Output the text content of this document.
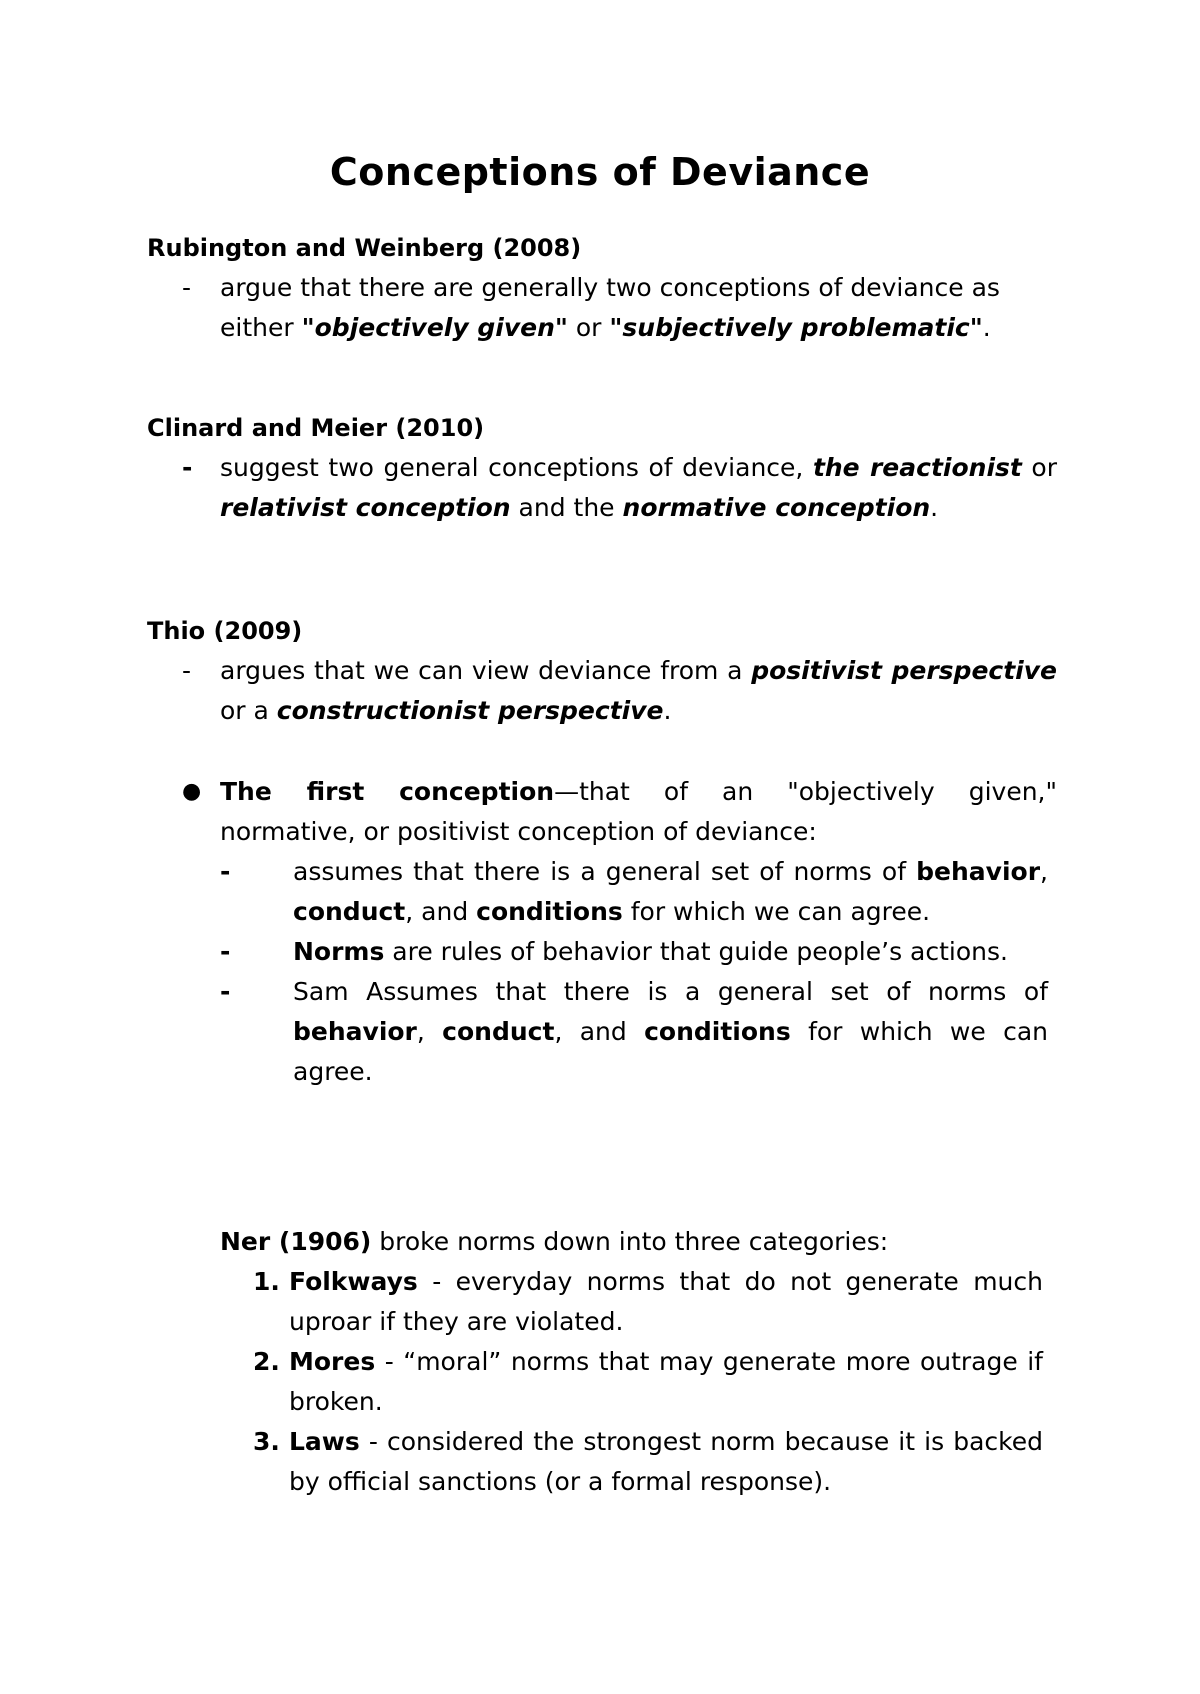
Conceptions of Deviance
Rubington and Weinberg (2008)
- argue that there are generally two conceptions of deviance as either "objectively given" or "subjectively problematic".
Clinard and Meier (2010)
- suggest two general conceptions of deviance, the reactionist or relativist conception and the normative conception.
Thio (2009)
- argues that we can view deviance from a positivist perspective or a constructionist perspective.
● The first conception—that of an "objectively given,"
normative, or positivist conception of deviance:
-	assumes that there is a general set of norms of behavior, conduct, and conditions for which we can agree.
-	Norms are rules of behavior that guide people’s actions.
-	Sam Assumes that there is a general set of norms of behavior, conduct, and conditions for which we can agree.
Ner (1906) broke norms down into three categories:
1. Folkways - everyday norms that do not generate much uproar if they are violated.
2. Mores - “moral” norms that may generate more outrage if broken.
3. Laws - considered the strongest norm because it is backed by official sanctions (or a formal response).
